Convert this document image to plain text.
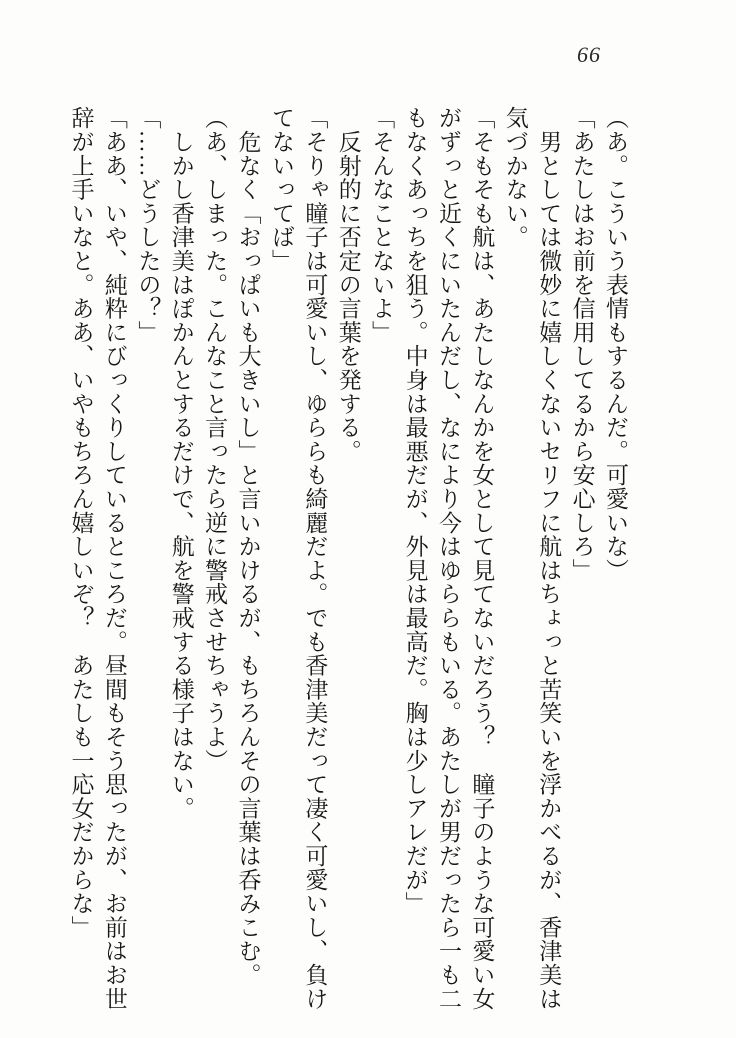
66

（あ。こういう表情もするんだ。可愛いな）

「あたしはお前を信用してるから安心しろ」

　男としては微妙に嬉しくないセリフに航はちょっと苦笑いを浮かべるが、香津美は

気づかない。

「そもそも航は、あたしなんかを女として見てないだろう？　瞳子のような可愛い女

がずっと近くにいたんだし、なにより今はゆららもいる。あたしが男だったら一も二

もなくあっちを狙う。中身は最悪だが、外見は最高だ。胸は少しアレだが」

「そんなことないよ」

　反射的に否定の言葉を発する。

「そりゃ瞳子は可愛いし、ゆららも綺麗だよ。でも香津美だって凄く可愛いし、負け

てないってば」

　危なく「おっぱいも大きいし」と言いかけるが、もちろんその言葉は呑みこむ。

（あ、しまった。こんなこと言ったら逆に警戒させちゃうよ）

　しかし香津美はぽかんとするだけで、航を警戒する様子はない。

「……どうしたの？」

「ああ、いや、純粋にびっくりしているところだ。昼間もそう思ったが、お前はお世

辞が上手いなと。ああ、いやもちろん嬉しいぞ？　あたしも一応女だからな」
